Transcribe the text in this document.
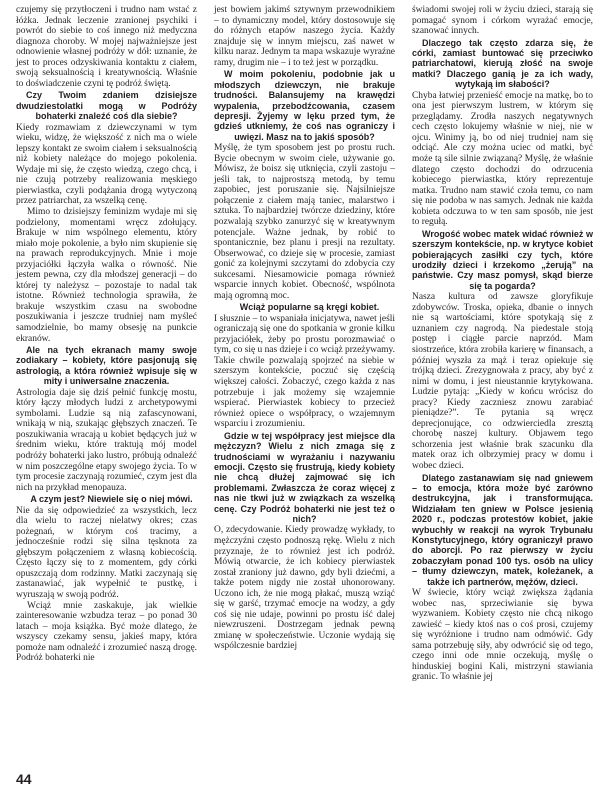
czujemy się przytłoczeni i trudno nam wstać z łóżka. Jednak leczenie zranionej psychiki i powrót do siebie to coś innego niż medyczna diagnoza choroby. W mojej najważniejsze jest odnowienie własnej podróży w dół: uznanie, że jest to proces odzyskiwania kontaktu z ciałem, swoją seksualnością i kreatywnością. Właśnie to doświadczenie czyni tę podróż świętą.

Czy Twoim zdaniem dzisiejsze dwudziestolatki mogą w Podróży bohaterki znaleźć coś dla siebie?

Kiedy rozmawiam z dziewczynami w tym wieku, widzę, że większość z nich ma o wiele lepszy kontakt ze swoim ciałem i seksualnością niż kobiety należące do mojego pokolenia. Wydaje mi się, że często wiedzą, czego chcą, i nie czują potrzeby realizowania męskiego pierwiastka, czyli podążania drogą wytyczoną przez patriarchat, za wszelką cenę.

Mimo to dzisiejszy feminizm wydaje mi się podzielony, momentami wręcz zdołujący. Brakuje w nim wspólnego elementu, który miało moje pokolenie, a było nim skupienie się na prawach reprodukcyjnych. Mnie i moje przyjaciółki łączyła walka o równość. Nie jestem pewna, czy dla młodszej generacji – do której ty należysz – pozostaje to nadal tak istotne. Również technologia sprawiła, że brakuje wszystkim czasu na swobodne poszukiwania i jeszcze trudniej nam myśleć samodzielnie, bo mamy obsesję na punkcie ekranów.

Ale na tych ekranach mamy swoje zodiakary – kobiety, które pasjonują się astrologią, a która również wpisuje się w mity i uniwersalne znaczenia.

Astrologia daje się dziś pełnić funkcję mostu, który łączy młodych ludzi z archetypowymi symbolami. Ludzie są nią zafascynowani, wnikają w nią, szukając głębszych znaczeń. Te poszukiwania wracają u kobiet będących już w średnim wieku, które traktują mój model podróży bohaterki jako lustro, próbują odnaleźć w nim poszczególne etapy swojego życia. To w tym procesie zaczynają rozumieć, czym jest dla nich na przykład menopauza.

A czym jest? Niewiele się o niej mówi.

Nie da się odpowiedzieć za wszystkich, lecz dla wielu to raczej nielatwy okres; czas pożegnań, w którym coś tracimy, a jednocześnie rodzi się silna tęsknota za głębszym połączeniem z własną kobiecością. Często łączy się to z momentem, gdy córki opuszczają dom rodzinny. Matki zaczynają się zastanawiać, jak wypełnić te pustkę, i wyruszają w swoją podróż.

Wciąż mnie zaskakuje, jak wielkie zainteresowanie wzbudza teraz – po ponad 30 latach – moja książka. Być może dlatego, że wszyscy czekamy sensu, jakieś mapy, która pomoże nam odnaleźć i zrozumieć naszą drogę. Podróż bohaterki nie

jest bowiem jakimś sztywnym przewodnikiem – to dynamiczny model, który dostosowuje się do różnych etapów naszego życia. Każdy znajduje się w innym miejscu, zaś nawet w kilku naraz. Jednym ta mapa wskazuje wyraźne ramy, drugim nie – i to też jest w porządku.

W moim pokoleniu, podobnie jak u młodszych dziewczyn, nie brakuje trudności. Balansujemy na krawędzi wypalenia, przebodźcowania, czasem depresji. Żyjemy w lęku przed tym, że gdzieś utkniemy, że coś nas ograniczy i uwięzi. Masz na to jakiś sposób?

Myślę, że tym sposobem jest po prostu ruch. Bycie obecnym w swoim ciele, używanie go. Mówisz, że boisz się utknięcia, czyli zastoju – jeśli tak, to najprostszą metodą, by temu zapobiec, jest poruszanie się. Najsilniejsze połączenie z ciałem mają taniec, malarstwo i sztuka. To najbardziej twórcze dziedziny, które pozwalają szybko zanurzyć się w kreatywnym potencjale. Ważne jednak, by robić to spontanicznie, bez planu i presji na rezultaty. Obserwować, co dzieje się w procesie, zamiast gonić za kolejnymi szczytami do zdobycia czy sukcesami. Niesamowicie pomaga również wsparcie innych kobiet. Obecność, wspólnota mają ogromną moc.

Wciąż popularne są kręgi kobiet.

I słusznie – to wspaniała inicjatywa, nawet jeśli ograniczają się one do spotkania w gronie kilku przyjaciółek, żeby po prostu porozmawiać o tym, co się u nas dzieje i co wciąż przeżywamy. Takie chwile pozwalają spojrzeć na siebie w szerszym kontekście, poczuć się częścią większej całości. Zobaczyć, czego każda z nas potrzebuje i jak możemy się wzajemnie wspierać. Pierwiastek kobiecy to przecież również opiece o współpracy, o wzajemnym wsparciu i zrozumieniu.

Gdzie w tej współpracy jest miejsce dla mężczyzn? Wielu z nich zmaga się z trudnościami w wyrażaniu i nazywaniu emocji. Często się frustrują, kiedy kobiety nie chcą dłużej zajmować się ich problemami. Zwłaszcza że coraz więcej z nas nie tkwi już w związkach za wszelką cenę. Czy Podróż bohaterki nie jest też o nich?

O, zdecydowanie. Kiedy prowadzę wykłady, to mężczyźni często podnoszą rękę. Wielu z nich przyznaje, że to również jest ich podróż. Mówią otwarcie, że ich kobiecy pierwiastek został zraniony już dawno, gdy byli dziećmi, a także potem nigdy nie został uhonorowany. Uczono ich, że nie mogą płakać, muszą wziąć się w garść, trzymać emocje na wodzy, a gdy coś się nie udaje, powinni po prostu iść dalej niewzruszeni. Dostrzegam jednak pewną zmianę w społeczeństwie. Uczonie wydają się wspólczesnie bardziej

świadomi swojej roli w życiu dzieci, starają się pomagać synom i córkom wyrażać emocje, szanować innych.

Dlaczego tak często zdarza się, że córki, zamiast buntować się przeciwko patriarchatowi, kierują złość na swoje matki? Dlaczego ganią je za ich wady, wytykają im słabości?

Chyba łatwiej przenieść emocje na matkę, bo to ona jest pierwszym lustrem, w którym się przeglądamy. Zrodła naszych negatywnych cech często lokujemy właśnie w niej, nie w ojcu. Winimy ją, bo od niej trudniej nam się odciąć. Ale czy można uciec od matki, być może tą sile silnie związaną? Myślę, że właśnie dlatego często dochodzi do odrzucenia kobiecego pierwiastka, który reprezentuje matka. Trudno nam stawić czoła temu, co nam się nie podoba w nas samych. Jednak nie każda kobieta odczuwa to w ten sam sposób, nie jest to regułą.

Wrogość wobec matek widać również w szerszym kontekście, np. w krytyce kobiet pobierających zasiłki czy tych, które urodziły dzieci i krzekomo „żerują” na państwie. Czy masz pomysł, skąd bierze się ta pogarda?

Nasza kultura od zawsze gloryfikuje zdobywców. Troska, opieka, dbanie o innych nie są wartościami, które spotykają się z uznaniem czy nagrodą. Na piedestale stoją postęp i ciągłe parcie naprzód. Mam siostrzeńce, która zrobiła karierę w finansach, a później wyszła za mąż i teraz opiekuje się trójką dzieci. Zrezygnowała z pracy, aby być z nimi w domu, i jest nieustannie krytykowana. Ludzie pytają: „Kiedy w końcu wrócisz do pracy? Kiedy zaczniesz znowu zarabiać pieniądze?”. Te pytania są wręcz deprecjonujące, co odzwierciedla zresztą chorobę naszej kultury. Objawem tego schorzenia jest właśnie brak szacunku dla matek oraz ich olbrzymiej pracy w domu i wobec dzieci.

Dlatego zastanawiam się nad gniewem – to emocja, która może być zarówno destrukcyjna, jak i transformująca. Widziałam ten gniew w Polsce jesienią 2020 r., podczas protestów kobiet, jakie wybuchły w reakcji na wyrok Trybunału Konstytucyjnego, który ograniczył prawo do aborcji. Po raz pierwszy w życiu zobaczyłam ponad 100 tys. osób na ulicy – tłumy dziewczyn, matek, koleżanek, a także ich partnerów, mężów, dzieci.

W świecie, który wciąż zwiększa żądania wobec nas, sprzeciwianie się bywa wyzwaniem. Kobiety często nie chcą nikogo zawieść – kiedy ktoś nas o coś prosi, czujemy się wyróżnione i trudno nam odmówić. Gdy sama potrzebuję siły, aby odwrócić się od tego, czego inni ode mnie oczekują, myślę o hinduskiej bogini Kali, mistrzyni stawiania granic. To właśnie jej

44
